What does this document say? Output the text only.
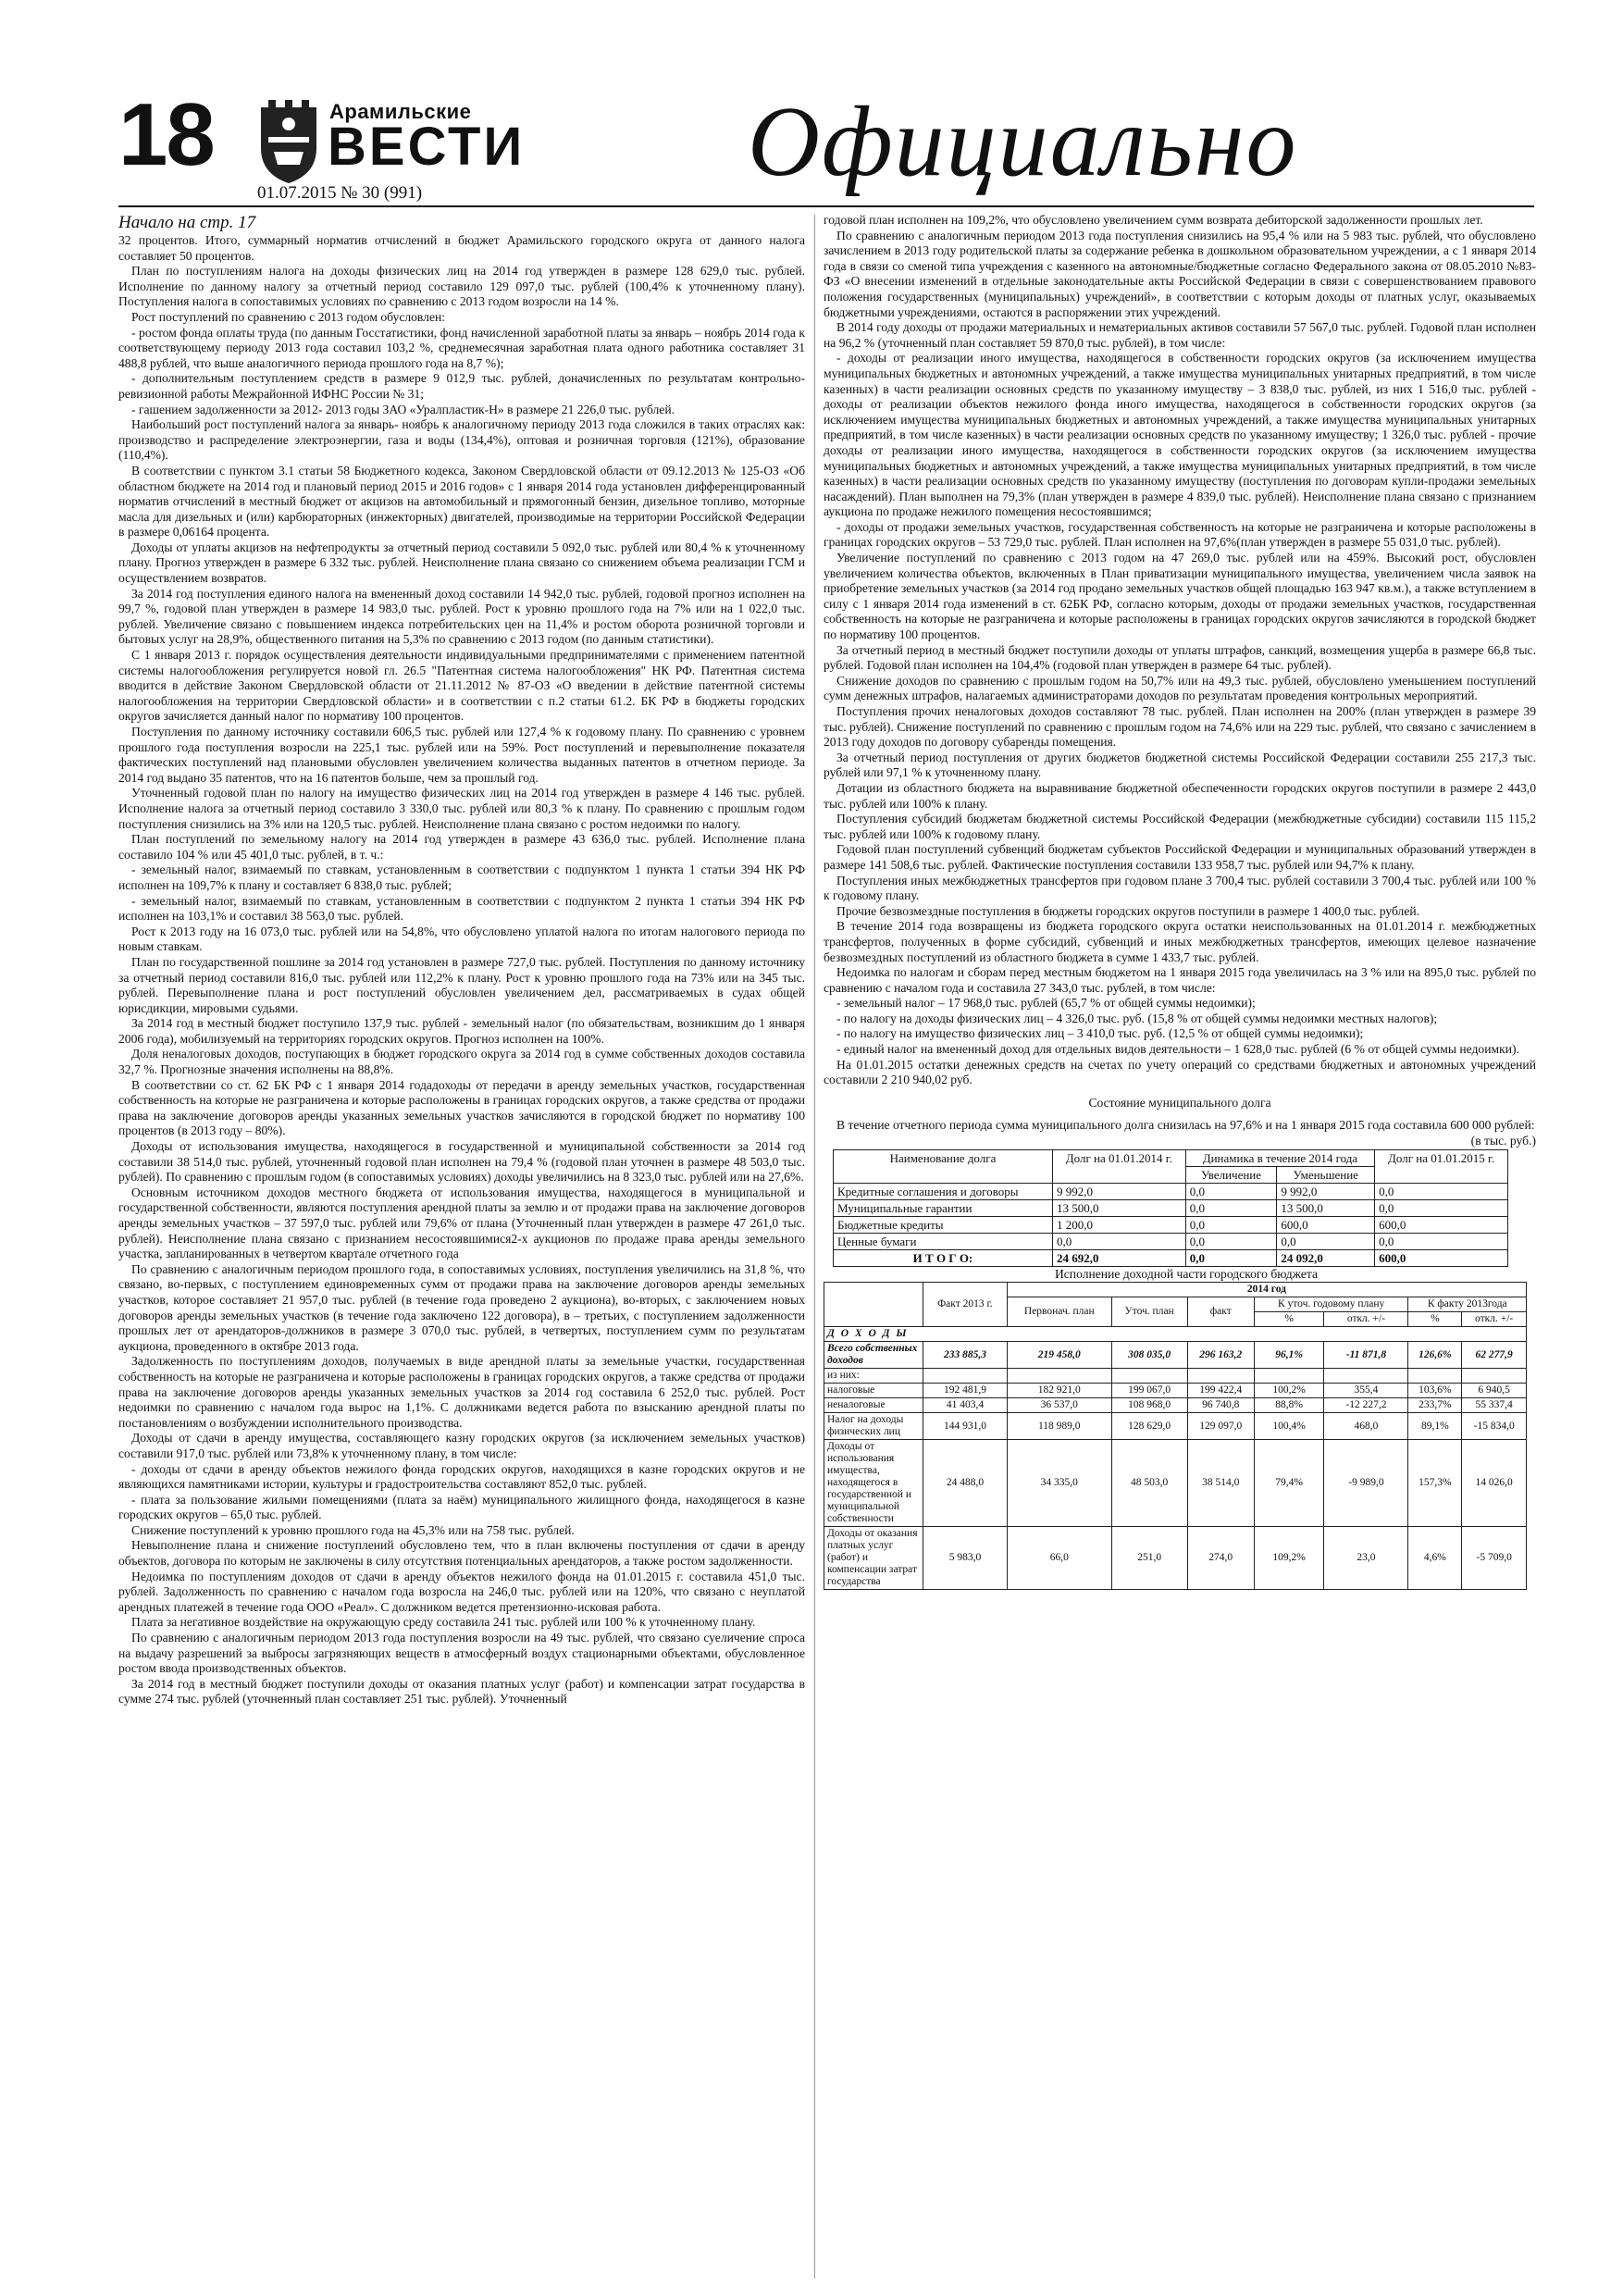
18	Арамильские
ВЕСТИ
01.07.2015 № 30 (991)	Официально

Начало на стр. 17

32 процентов. Итого, суммарный норматив отчислений в бюджет Арамильского городского округа от данного налога составляет 50 процентов.

План по поступлениям налога на доходы физических лиц на 2014 год утвержден в размере 128 629,0 тыс. рублей. Исполнение по данному налогу за отчетный период составило 129 097,0 тыс. рублей (100,4% к уточненному плану). Поступления налога в сопоставимых условиях по сравнению с 2013 годом возросли на 14 %.

Рост поступлений по сравнению с 2013 годом обусловлен:

- ростом фонда оплаты труда (по данным Госстатистики, фонд начисленной заработной платы за январь – ноябрь 2014 года к соответствующему периоду 2013 года составил 103,2 %, среднемесячная заработная плата одного работника составляет 31 488,8 рублей, что выше аналогичного периода прошлого года на 8,7 %);

- дополнительным поступлением средств в размере 9 012,9 тыс. рублей, доначисленных по результатам контрольно-ревизионной работы Межрайонной ИФНС России № 31;

- гашением задолженности за 2012- 2013 годы ЗАО «Уралпластик-Н» в размере 21 226,0 тыс. рублей.

Наибольший рост поступлений налога за январь- ноябрь к аналогичному периоду 2013 года сложился в таких отраслях как: производство и распределение электроэнергии, газа и воды (134,4%), оптовая и розничная торговля (121%), образование (110,4%).

В соответствии с пунктом 3.1 статьи 58 Бюджетного кодекса, Законом Свердловской области от 09.12.2013 № 125-ОЗ «Об областном бюджете на 2014 год и плановый период 2015 и 2016 годов» с 1 января 2014 года установлен дифференцированный норматив отчислений в местный бюджет от акцизов на автомобильный и прямогонный бензин, дизельное топливо, моторные масла для дизельных и (или) карбюраторных (инжекторных) двигателей, производимые на территории Российской Федерации в размере 0,06164 процента.

Доходы от уплаты акцизов на нефтепродукты за отчетный период составили 5 092,0 тыс. рублей или 80,4 % к уточненному плану. Прогноз утвержден в размере 6 332 тыс. рублей. Неисполнение плана связано со снижением объема реализации ГСМ и осуществлением возвратов.

За 2014 год поступления единого налога на вмененный доход составили 14 942,0 тыс. рублей, годовой прогноз исполнен на 99,7 %, годовой план утвержден в размере 14 983,0 тыс. рублей. Рост к уровню прошлого года на 7% или на 1 022,0 тыс. рублей. Увеличение связано с повышением индекса потребительских цен на 11,4% и ростом оборота розничной торговли и бытовых услуг на 28,9%, общественного питания на 5,3% по сравнению с 2013 годом (по данным статистики).

С 1 января 2013 г. порядок осуществления деятельности индивидуальными предпринимателями с применением патентной системы налогообложения регулируется новой гл. 26.5 "Патентная система налогообложения" НК РФ. Патентная система вводится в действие Законом Свердловской области от 21.11.2012 № 87-ОЗ «О введении в действие патентной системы налогообложения на территории Свердловской области» и в соответствии с п.2 статьи 61.2. БК РФ в бюджеты городских округов зачисляется данный налог по нормативу 100 процентов.

Поступления по данному источнику составили 606,5 тыс. рублей или 127,4 % к годовому плану. По сравнению с уровнем прошлого года поступления возросли на 225,1 тыс. рублей или на 59%. Рост поступлений и перевыполнение показателя фактических поступлений над плановыми обусловлен увеличением количества выданных патентов в отчетном периоде. За 2014 год выдано 35 патентов, что на 16 патентов больше, чем за прошлый год.

Уточненный годовой план по налогу на имущество физических лиц на 2014 год утвержден в размере 4 146 тыс. рублей. Исполнение налога за отчетный период составило 3 330,0 тыс. рублей или 80,3 % к плану. По сравнению с прошлым годом поступления снизились на 3% или на 120,5 тыс. рублей. Неисполнение плана связано с ростом недоимки по налогу.

План поступлений по земельному налогу на 2014 год утвержден в размере 43 636,0 тыс. рублей. Исполнение плана составило 104 % или 45 401,0 тыс. рублей, в т. ч.:

- земельный налог, взимаемый по ставкам, установленным в соответствии с подпунктом 1 пункта 1 статьи 394 НК РФ исполнен на 109,7% к плану и составляет 6 838,0 тыс. рублей;

- земельный налог, взимаемый по ставкам, установленным в соответствии с подпунктом 2 пункта 1 статьи 394 НК РФ исполнен на 103,1% и составил 38 563,0 тыс. рублей.

Рост к 2013 году на 16 073,0 тыс. рублей или на 54,8%, что обусловлено уплатой налога по итогам налогового периода по новым ставкам.

План по государственной пошлине за 2014 год установлен в размере 727,0 тыс. рублей. Поступления по данному источнику за отчетный период составили 816,0 тыс. рублей или 112,2% к плану. Рост к уровню прошлого года на 73% или на 345 тыс. рублей. Перевыполнение плана и рост поступлений обусловлен увеличением дел, рассматриваемых в судах общей юрисдикции, мировыми судьями.

За 2014 год в местный бюджет поступило 137,9 тыс. рублей - земельный налог (по обязательствам, возникшим до 1 января 2006 года), мобилизуемый на территориях городских округов. Прогноз исполнен на 100%.

Доля неналоговых доходов, поступающих в бюджет городского округа за 2014 год в сумме собственных доходов составила 32,7 %. Прогнозные значения исполнены на 88,8%.

В соответствии со ст. 62 БК РФ с 1 января 2014 годадоходы от передачи в аренду земельных участков, государственная собственность на которые не разграничена и которые расположены в границах городских округов, а также средства от продажи права на заключение договоров аренды указанных земельных участков зачисляются в городской бюджет по нормативу 100 процентов (в 2013 году – 80%).

Доходы от использования имущества, находящегося в государственной и муниципальной собственности за 2014 год составили 38 514,0 тыс. рублей, уточненный годовой план исполнен на 79,4 % (годовой план уточнен в размере 48 503,0 тыс. рублей). По сравнению с прошлым годом (в сопоставимых условиях) доходы увеличились на 8 323,0 тыс. рублей или на 27,6%.

Основным источником доходов местного бюджета от использования имущества, находящегося в муниципальной и государственной собственности, являются поступления арендной платы за землю и от продажи права на заключение договоров аренды земельных участков – 37 597,0 тыс. рублей или 79,6% от плана (Уточненный план утвержден в размере 47 261,0 тыс. рублей). Неисполнение плана связано с признанием несостоявшимися2-х аукционов по продаже права аренды земельного участка, запланированных в четвертом квартале отчетного года

По сравнению с аналогичным периодом прошлого года, в сопоставимых условиях, поступления увеличились на 31,8 %, что связано, во-первых, с поступлением единовременных сумм от продажи права на заключение договоров аренды земельных участков, которое составляет 21 957,0 тыс. рублей (в течение года проведено 2 аукциона), во-вторых, с заключением новых договоров аренды земельных участков (в течение года заключено 122 договора), в – третьих, с поступлением задолженности прошлых лет от арендаторов-должников в размере 3 070,0 тыс. рублей, в четвертых, поступлением сумм по результатам аукциона, проведенного в октябре 2013 года.

Задолженность по поступлениям доходов, получаемых в виде арендной платы за земельные участки, государственная собственность на которые не разграничена и которые расположены в границах городских округов, а также средства от продажи права на заключение договоров аренды указанных земельных участков за 2014 год составила 6 252,0 тыс. рублей. Рост недоимки по сравнению с началом года вырос на 1,1%. С должниками ведется работа по взысканию арендной платы по постановлениям о возбуждении исполнительного производства.

Доходы от сдачи в аренду имущества, составляющего казну городских округов (за исключением земельных участков) составили 917,0 тыс. рублей или 73,8% к уточненному плану, в том числе:

- доходы от сдачи в аренду объектов нежилого фонда городских округов, находящихся в казне городских округов и не являющихся памятниками истории, культуры и градостроительства составляют 852,0 тыс. рублей.

- плата за пользование жилыми помещениями (плата за наём) муниципального жилищного фонда, находящегося в казне городских округов – 65,0 тыс. рублей.

Снижение поступлений к уровню прошлого года на 45,3% или на 758 тыс. рублей.

Невыполнение плана и снижение поступлений обусловлено тем, что в план включены поступления от сдачи в аренду объектов, договора по которым не заключены в силу отсутствия потенциальных арендаторов, а также ростом задолженности.

Недоимка по поступлениям доходов от сдачи в аренду объектов нежилого фонда на 01.01.2015 г. составила 451,0 тыс. рублей. Задолженность по сравнению с началом года возросла на 246,0 тыс. рублей или на 120%, что связано с неуплатой арендных платежей в течение года ООО «Реал». С должником ведется претензионно-исковая работа.

Плата за негативное воздействие на окружающую среду составила 241 тыс. рублей или 100 % к уточненному плану.

По сравнению с аналогичным периодом 2013 года поступления возросли на 49 тыс. рублей, что связано суеличение спроса на выдачу разрешений за выбросы загрязняющих веществ в атмосферный воздух стационарными объектами, обусловленное ростом ввода производственных объектов.

За 2014 год в местный бюджет поступили доходы от оказания платных услуг (работ) и компенсации затрат государства в сумме 274 тыс. рублей (уточненный план составляет 251 тыс. рублей). Уточненный

годовой план исполнен на 109,2%, что обусловлено увеличением сумм возврата дебиторской задолженности прошлых лет.

По сравнению с аналогичным периодом 2013 года поступления снизились на 95,4 % или на 5 983 тыс. рублей, что обусловлено зачислением в 2013 году родительской платы за содержание ребенка в дошкольном образовательном учреждении, а с 1 января 2014 года в связи со сменой типа учреждения с казенного на автономные/бюджетные согласно Федерального закона от 08.05.2010 №83-ФЗ «О внесении изменений в отдельные законодательные акты Российской Федерации в связи с совершенствованием правового положения государственных (муниципальных) учреждений», в соответствии с которым доходы от платных услуг, оказываемых бюджетными учреждениями, остаются в распоряжении этих учреждений.

В 2014 году доходы от продажи материальных и нематериальных активов составили 57 567,0 тыс. рублей. Годовой план исполнен на 96,2 % (уточненный план составляет 59 870,0 тыс. рублей), в том числе:

- доходы от реализации иного имущества, находящегося в собственности городских округов (за исключением имущества муниципальных бюджетных и автономных учреждений, а также имущества муниципальных унитарных предприятий, в том числе казенных) в части реализации основных средств по указанному имуществу – 3 838,0 тыс. рублей, из них 1 516,0 тыс. рублей - доходы от реализации объектов нежилого фонда иного имущества, находящегося в собственности городских округов (за исключением имущества муниципальных бюджетных и автономных учреждений, а также имущества муниципальных унитарных предприятий, в том числе казенных) в части реализации основных средств по указанному имуществу; 1 326,0 тыс. рублей - прочие доходы от реализации иного имущества, находящегося в собственности городских округов (за исключением имущества муниципальных бюджетных и автономных учреждений, а также имущества муниципальных унитарных предприятий, в том числе казенных) в части реализации основных средств по указанному имуществу (поступления по договорам купли-продажи земельных насаждений). План выполнен на 79,3% (план утвержден в размере 4 839,0 тыс. рублей). Неисполнение плана связано с признанием аукциона по продаже нежилого помещения несостоявшимся;

- доходы от продажи земельных участков, государственная собственность на которые не разграничена и которые расположены в границах городских округов – 53 729,0 тыс. рублей. План исполнен на 97,6%(план утвержден в размере 55 031,0 тыс. рублей).

Увеличение поступлений по сравнению с 2013 годом на 47 269,0 тыс. рублей или на 459%. Высокий рост, обусловлен увеличением количества объектов, включенных в План приватизации муниципального имущества, увеличением числа заявок на приобретение земельных участков (за 2014 год продано земельных участков общей площадью 163 947 кв.м.), а также вступлением в силу с 1 января 2014 года изменений в ст. 62БК РФ, согласно которым, доходы от продажи земельных участков, государственная собственность на которые не разграничена и которые расположены в границах городских округов зачисляются в городской бюджет по нормативу 100 процентов.

За отчетный период в местный бюджет поступили доходы от уплаты штрафов, санкций, возмещения ущерба в размере 66,8 тыс. рублей. Годовой план исполнен на 104,4% (годовой план утвержден в размере 64 тыс. рублей).

Снижение доходов по сравнению с прошлым годом на 50,7% или на 49,3 тыс. рублей, обусловлено уменьшением поступлений сумм денежных штрафов, налагаемых администраторами доходов по результатам проведения контрольных мероприятий.

Поступления прочих неналоговых доходов составляют 78 тыс. рублей. План исполнен на 200% (план утвержден в размере 39 тыс. рублей). Снижение поступлений по сравнению с прошлым годом на 74,6% или на 229 тыс. рублей, что связано с зачислением в 2013 году доходов по договору субаренды помещения.

За отчетный период поступления от других бюджетов бюджетной системы Российской Федерации составили 255 217,3 тыс. рублей или 97,1 % к уточненному плану.

Дотации из областного бюджета на выравнивание бюджетной обеспеченности городских округов поступили в размере 2 443,0 тыс. рублей или 100% к плану.

Поступления субсидий бюджетам бюджетной системы Российской Федерации (межбюджетные субсидии) составили 115 115,2 тыс. рублей или 100% к годовому плану.

Годовой план поступлений субвенций бюджетам субъектов Российской Федерации и муниципальных образований утвержден в размере 141 508,6 тыс. рублей. Фактические поступления составили 133 958,7 тыс. рублей или 94,7% к плану.

Поступления иных межбюджетных трансфертов при годовом плане 3 700,4 тыс. рублей составили 3 700,4 тыс. рублей или 100 % к годовому плану.

Прочие безвозмездные поступления в бюджеты городских округов поступили в размере 1 400,0 тыс. рублей.

В течение 2014 года возвращены из бюджета городского округа остатки неиспользованных на 01.01.2014 г. межбюджетных трансфертов, полученных в форме субсидий, субвенций и иных межбюджетных трансфертов, имеющих целевое назначение безвозмездных поступлений из областного бюджета в сумме 1 433,7 тыс. рублей.

Недоимка по налогам и сборам перед местным бюджетом на 1 января 2015 года увеличилась на 3 % или на 895,0 тыс. рублей по сравнению с началом года и составила 27 343,0 тыс. рублей, в том числе:

- земельный налог – 17 968,0 тыс. рублей (65,7 % от общей суммы недоимки);

- по налогу на доходы физических лиц – 4 326,0 тыс. руб. (15,8 % от общей суммы недоимки местных налогов);

- по налогу на имущество физических лиц – 3 410,0 тыс. руб. (12,5 % от общей суммы недоимки);

- единый налог на вмененный доход для отдельных видов деятельности – 1 628,0 тыс. рублей (6 % от общей суммы недоимки).

На 01.01.2015 остатки денежных средств на счетах по учету операций со средствами бюджетных и автономных учреждений составили 2 210 940,02 руб.

Состояние муниципального долга

В течение отчетного периода сумма муниципального долга снизилась на 97,6% и на 1 января 2015 года составила 600 000 рублей:

(в тыс. руб.)

Наименование долга	Долг на 01.01.2014 г.	Динамика в течение 2014 года		Долг на 01.01.2015 г.
		Увеличение	Уменьшение	
Кредитные соглашения и договоры	9 992,0	0,0	9 992,0	0,0
Муниципальные гарантии	13 500,0	0,0	13 500,0	0,0
Бюджетные кредиты	1 200,0	0,0	600,0	600,0
Ценные бумаги	0,0	0,0	0,0	0,0
И Т О Г О:	24 692,0	0,0	24 092,0	600,0

Исполнение доходной части городского бюджета

	Факт 2013 г.	2014 год						
		Первонач. план	Уточ. план	факт	К уточ. годовому плану		К факту 2013года	
					%	откл. +/-	%	откл. +/-
Д О Х О Д Ы								
Всего собственных доходов	233 885,3	219 458,0	308 035,0	296 163,2	96,1%	-11 871,8	126,6%	62 277,9
из них:								
налоговые	192 481,9	182 921,0	199 067,0	199 422,4	100,2%	355,4	103,6%	6 940,5
неналоговые	41 403,4	36 537,0	108 968,0	96 740,8	88,8%	-12 227,2	233,7%	55 337,4
Налог на доходы физических лиц	144 931,0	118 989,0	128 629,0	129 097,0	100,4%	468,0	89,1%	-15 834,0
Доходы от использования имущества, находящегося в государственной и муниципальной собственности	24 488,0	34 335,0	48 503,0	38 514,0	79,4%	-9 989,0	157,3%	14 026,0
Доходы от оказания платных услуг (работ) и компенсации затрат государства	5 983,0	66,0	251,0	274,0	109,2%	23,0	4,6%	-5 709,0
